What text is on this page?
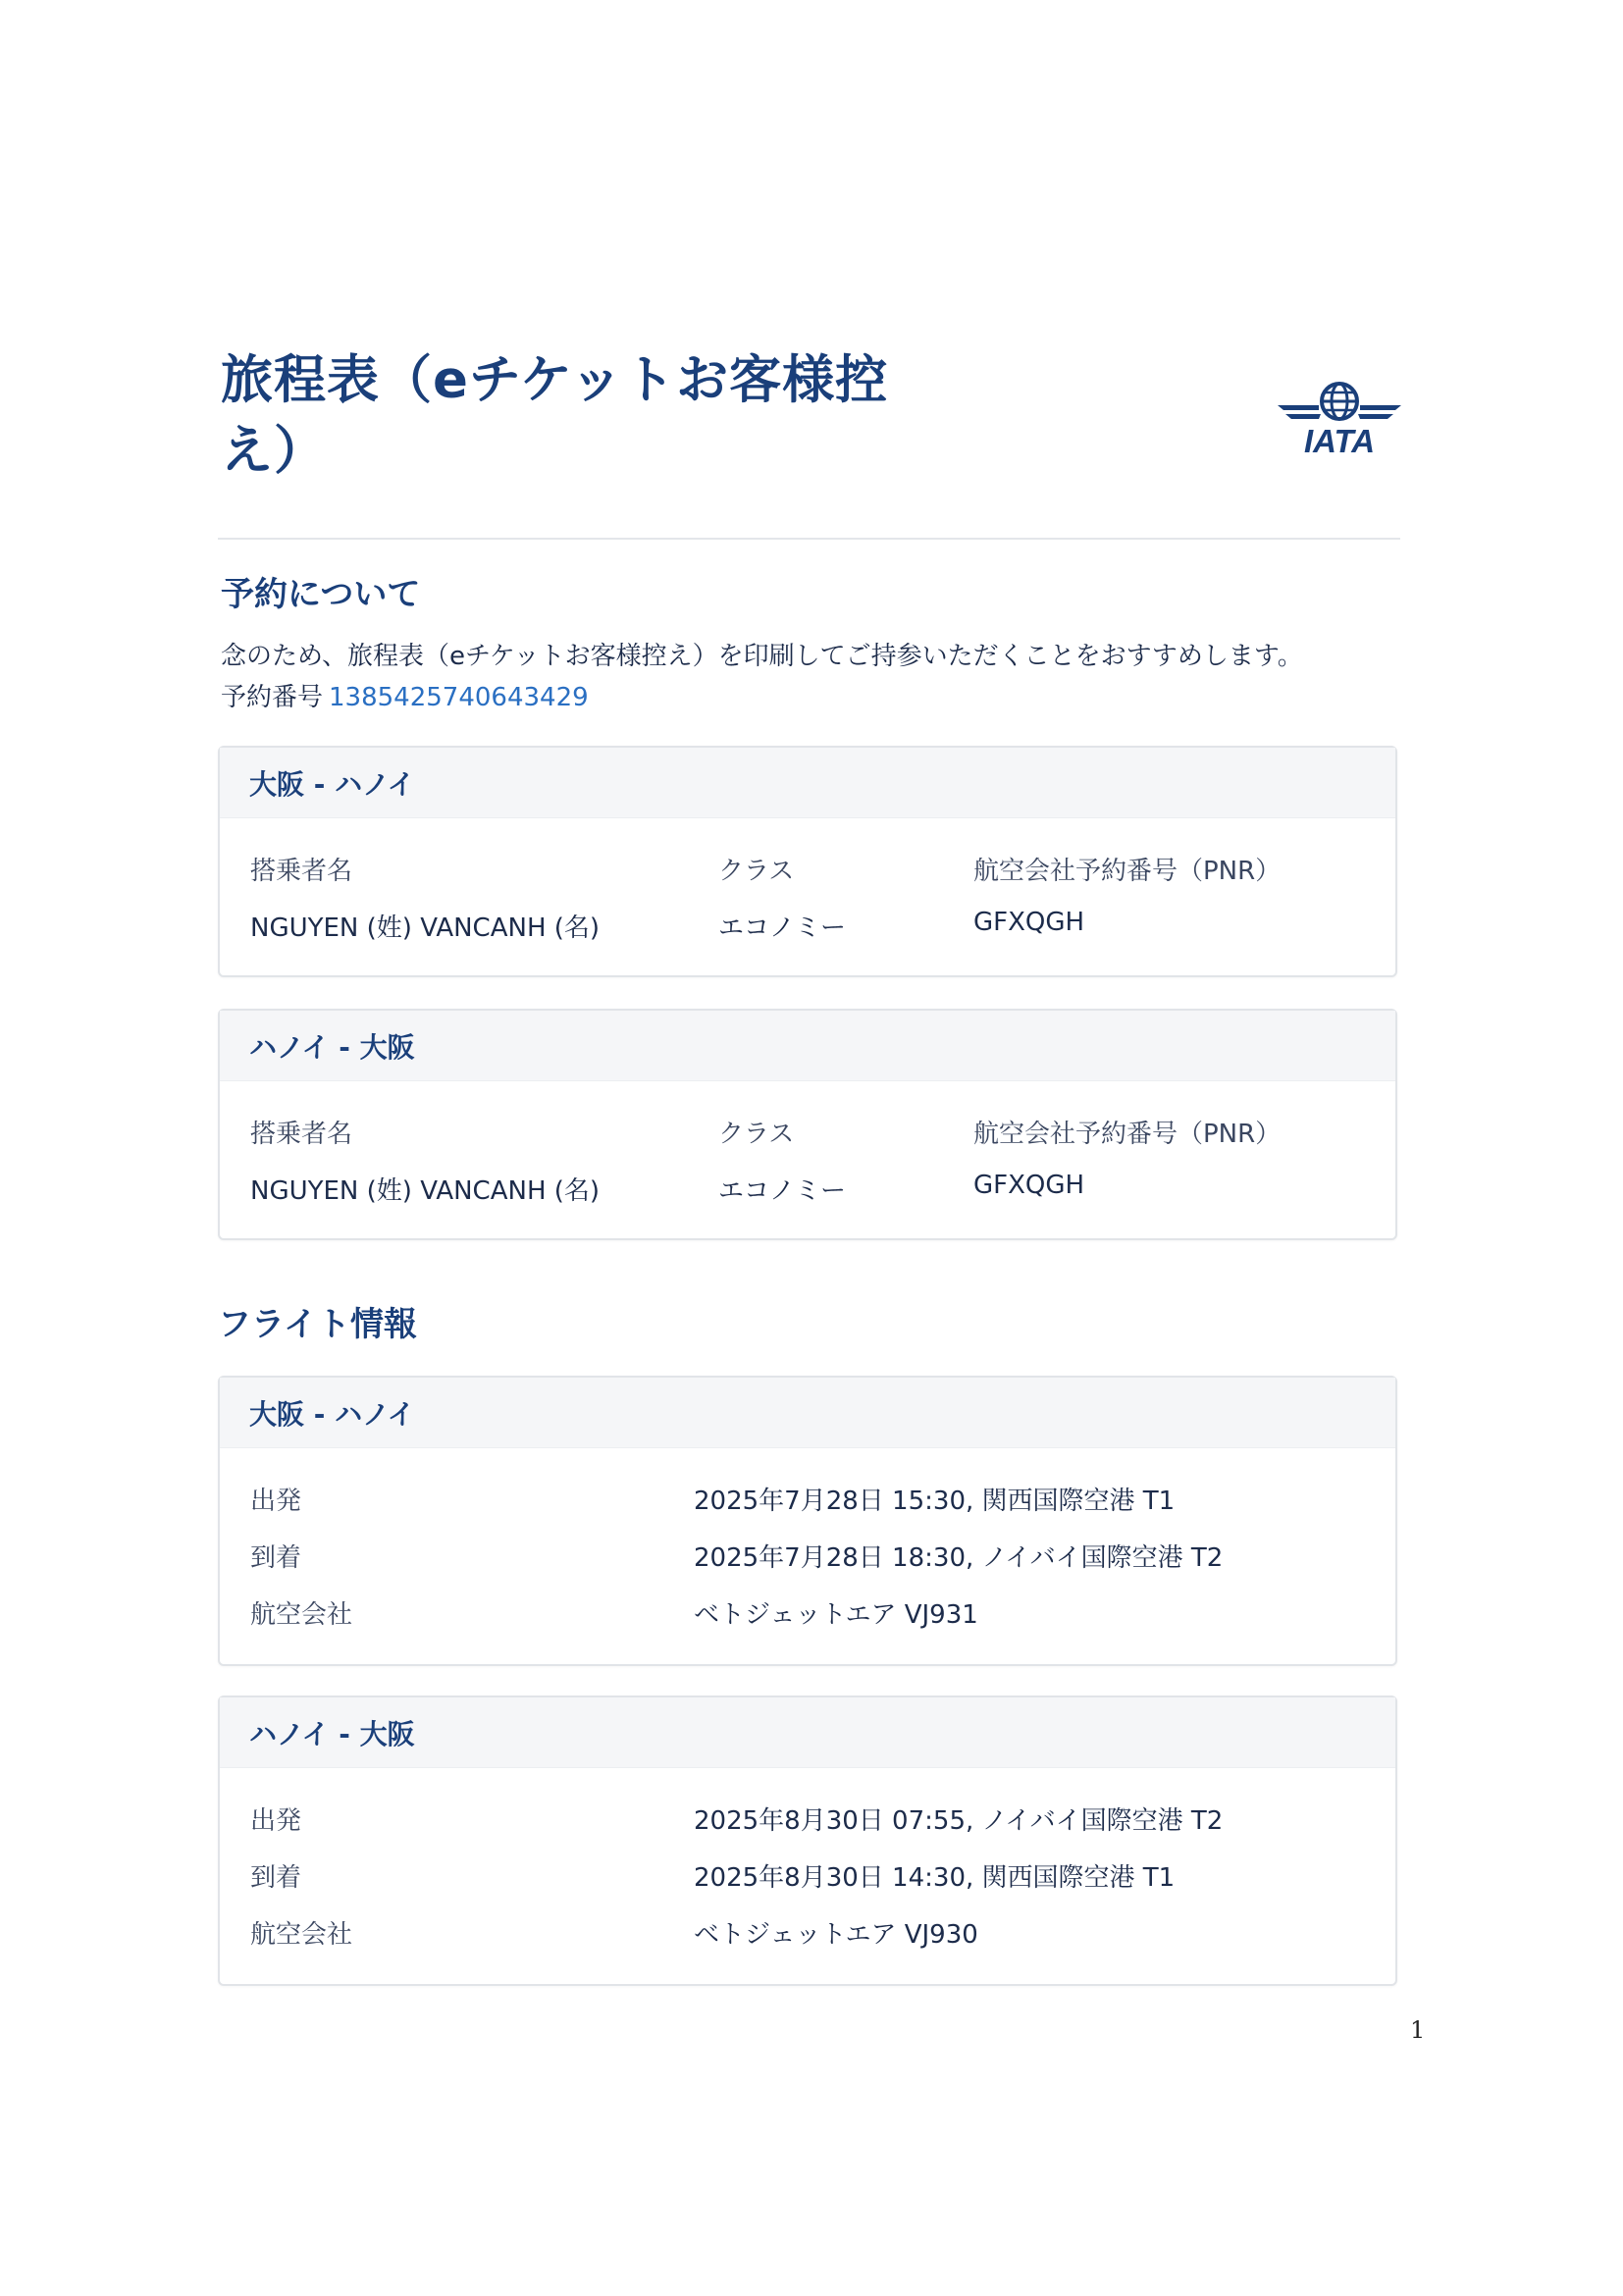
旅程表（eチケットお客様控え）	IATA
予約について
念のため、旅程表（eチケットお客様控え）を印刷してご持参いただくことをおすすめします。
予約番号 1385425740643429
大阪 - ハノイ
搭乗者名	クラス	航空会社予約番号（PNR）
NGUYEN (姓) VANCANH (名)	エコノミー	GFXQGH
ハノイ - 大阪
搭乗者名	クラス	航空会社予約番号（PNR）
NGUYEN (姓) VANCANH (名)	エコノミー	GFXQGH
フライト情報
大阪 - ハノイ
出発	2025年7月28日 15:30, 関西国際空港 T1
到着	2025年7月28日 18:30, ノイバイ国際空港 T2
航空会社	ベトジェットエア VJ931
ハノイ - 大阪
出発	2025年8月30日 07:55, ノイバイ国際空港 T2
到着	2025年8月30日 14:30, 関西国際空港 T1
航空会社	ベトジェットエア VJ930
1
